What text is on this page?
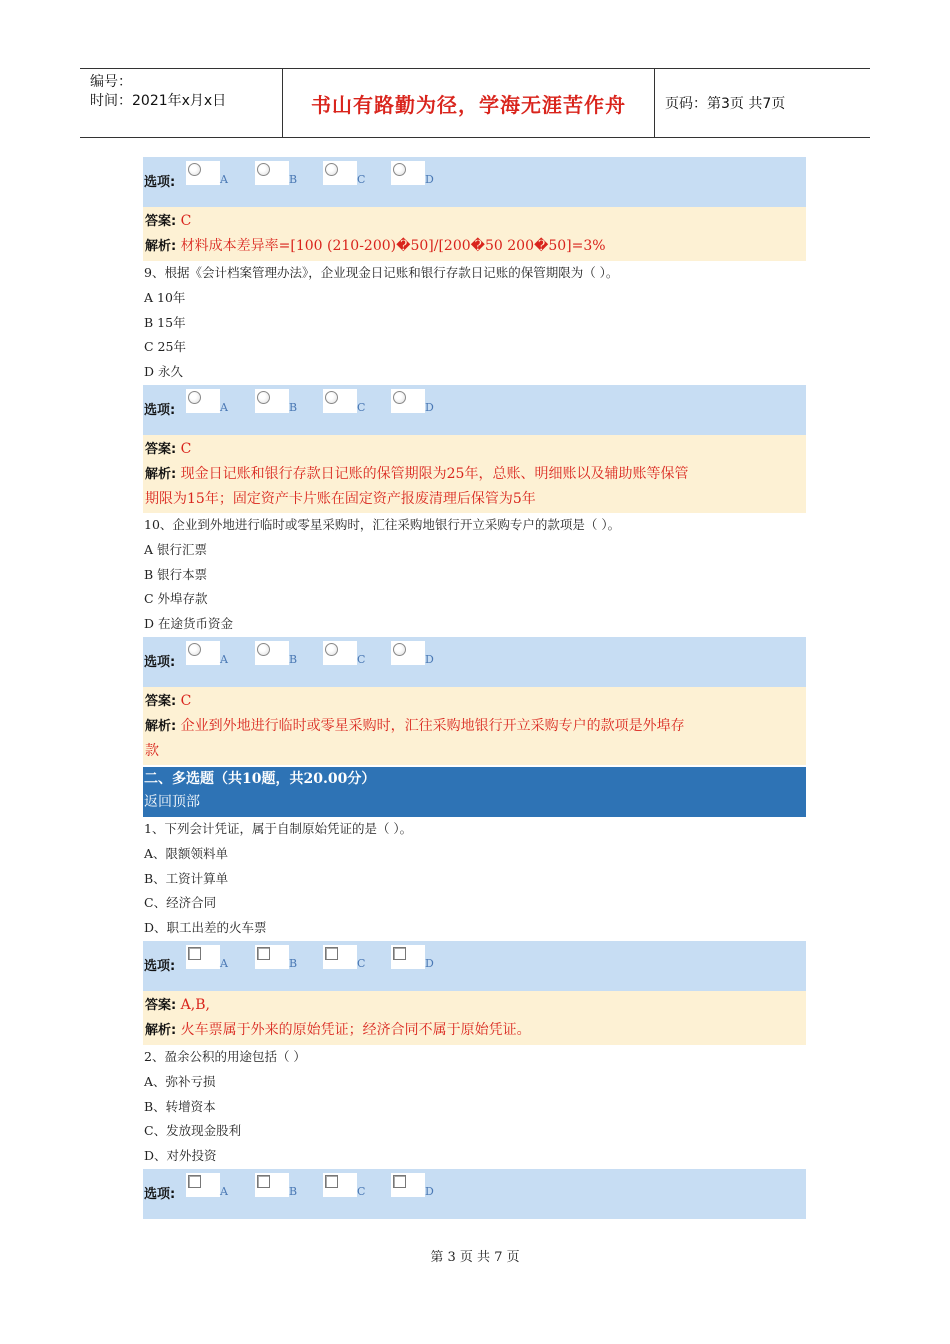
编号：
时间：2021年x月x日	书山有路勤为径，学海无涯苦作舟	页码：第3页 共7页
选项:	A	B	C	D
答案: C
解析: 材料成本差异率=[100 (210-200)�50]/[200�50 200�50]=3%
9、根据《会计档案管理办法》，企业现金日记账和银行存款日记账的保管期限为（ ）。
A 10年
B 15年
C 25年
D 永久
选项:	A	B	C	D
答案: C
解析: 现金日记账和银行存款日记账的保管期限为25年，总账、明细账以及辅助账等保管
期限为15年；固定资产卡片账在固定资产报废清理后保管为5年
10、企业到外地进行临时或零星采购时，汇往采购地银行开立采购专户的款项是（ ）。
A 银行汇票
B 银行本票
C 外埠存款
D 在途货币资金
选项:	A	B	C	D
答案: C
解析: 企业到外地进行临时或零星采购时，汇往采购地银行开立采购专户的款项是外埠存
款
二、多选题（共10题，共20.00分）
返回顶部
1、下列会计凭证，属于自制原始凭证的是（ ）。
A、限额领料单
B、工资计算单
C、经济合同
D、职工出差的火车票
选项:	A	B	C	D
答案: A,B,
解析: 火车票属于外来的原始凭证；经济合同不属于原始凭证。
2、盈余公积的用途包括（ ）
A、弥补亏损
B、转增资本
C、发放现金股利
D、对外投资
选项:	A	B	C	D
第 3 页 共 7 页
